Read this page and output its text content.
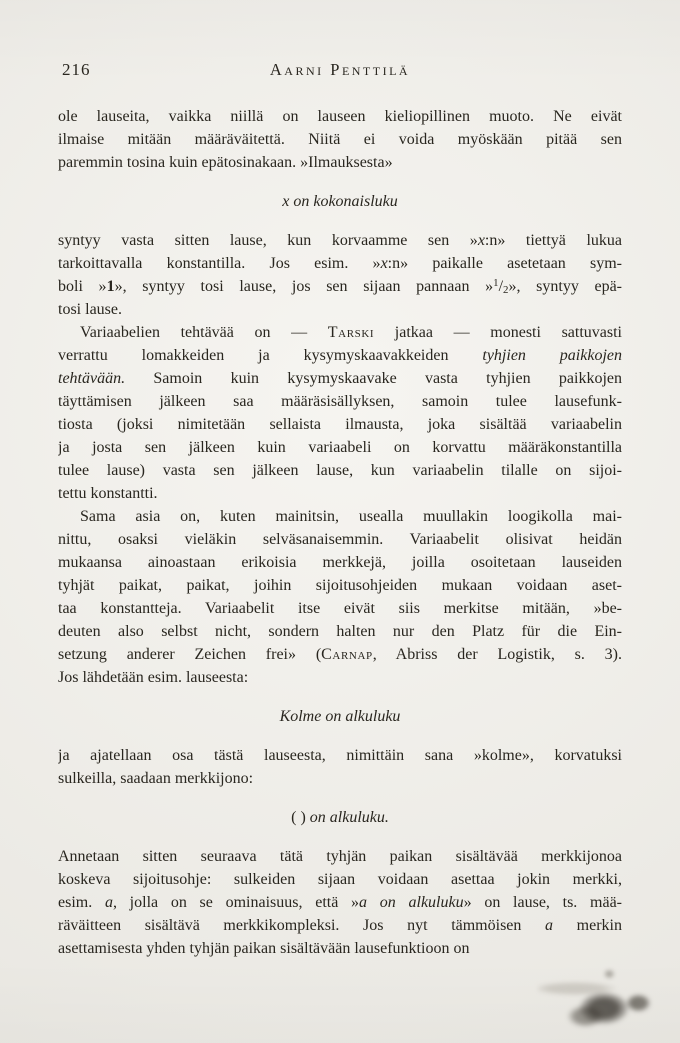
216	Aarni Penttilä
ole lauseita, vaikka niillä on lauseen kieliopillinen muoto. Ne eivät
ilmaise mitään määräväitettä. Niitä ei voida myöskään pitää sen
paremmin tosina kuin epätosinakaan. »Ilmauksesta»
x on kokonaisluku
syntyy vasta sitten lause, kun korvaamme sen »x:n» tiettyä lukua
tarkoittavalla konstantilla. Jos esim. »x:n» paikalle asetetaan sym-
boli »1», syntyy tosi lause, jos sen sijaan pannaan $»^1/_2$», syntyy epä-
tosi lause.
Variaabelien tehtävää on — Tarski jatkaa — monesti sattuvasti
verrattu lomakkeiden ja kysymyskaavakkeiden tyhjien paikkojen
tehtävään. Samoin kuin kysymyskaavake vasta tyhjien paikkojen
täyttämisen jälkeen saa määräsisällyksen, samoin tulee lausefunk-
tiosta (joksi nimitetään sellaista ilmausta, joka sisältää variaabelin
ja josta sen jälkeen kuin variaabeli on korvattu määräkonstantilla
tulee lause) vasta sen jälkeen lause, kun variaabelin tilalle on sijoi-
tettu konstantti.
Sama asia on, kuten mainitsin, usealla muullakin loogikolla mai-
nittu, osaksi vieläkin selväsanaisemmin. Variaabelit olisivat heidän
mukaansa ainoastaan erikoisia merkkejä, joilla osoitetaan lauseiden
tyhjät paikat, paikat, joihin sijoitusohjeiden mukaan voidaan aset-
taa konstantteja. Variaabelit itse eivät siis merkitse mitään, »be-
deuten also selbst nicht, sondern halten nur den Platz für die Ein-
setzung anderer Zeichen frei» (Carnap, Abriss der Logistik, s. 3).
Jos lähdetään esim. lauseesta:
Kolme on alkuluku
ja ajatellaan osa tästä lauseesta, nimittäin sana »kolme», korvatuksi
sulkeilla, saadaan merkkijono:
( ) on alkuluku.
Annetaan sitten seuraava tätä tyhjän paikan sisältävää merkkijonoa
koskeva sijoitusohje: sulkeiden sijaan voidaan asettaa jokin merkki,
esim. a, jolla on se ominaisuus, että »a on alkuluku» on lause, ts. mää-
räväitteen sisältävä merkkikompleksi. Jos nyt tämmöisen a merkin
asettamisesta yhden tyhjän paikan sisältävään lausefunktioon on
